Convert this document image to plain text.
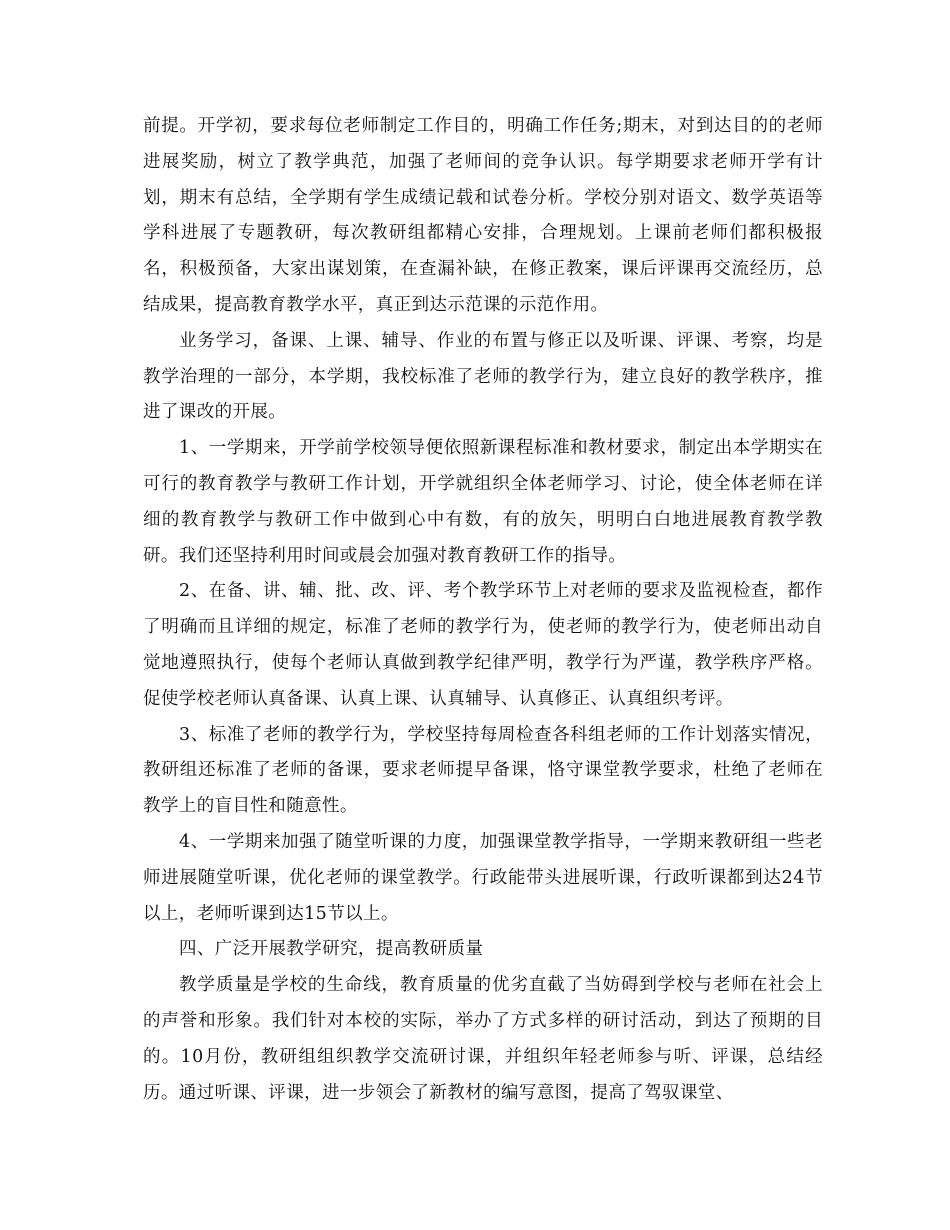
前提。开学初，要求每位老师制定工作目的，明确工作任务;期末，对到达目的的老师进展奖励，树立了教学典范，加强了老师间的竞争认识。每学期要求老师开学有计划，期末有总结，全学期有学生成绩记载和试卷分析。学校分别对语文、数学英语等学科进展了专题教研，每次教研组都精心安排，合理规划。上课前老师们都积极报名，积极预备，大家出谋划策，在查漏补缺，在修正教案，课后评课再交流经历，总结成果，提高教育教学水平，真正到达示范课的示范作用。

业务学习，备课、上课、辅导、作业的布置与修正以及听课、评课、考察，均是教学治理的一部分，本学期，我校标准了老师的教学行为，建立良好的教学秩序，推进了课改的开展。

1、一学期来，开学前学校领导便依照新课程标准和教材要求，制定出本学期实在可行的教育教学与教研工作计划，开学就组织全体老师学习、讨论，使全体老师在详细的教育教学与教研工作中做到心中有数，有的放矢，明明白白地进展教育教学教研。我们还坚持利用时间或晨会加强对教育教研工作的指导。

2、在备、讲、辅、批、改、评、考个教学环节上对老师的要求及监视检查，都作了明确而且详细的规定，标准了老师的教学行为，使老师的教学行为，使老师出动自觉地遵照执行，使每个老师认真做到教学纪律严明，教学行为严谨，教学秩序严格。促使学校老师认真备课、认真上课、认真辅导、认真修正、认真组织考评。

3、标准了老师的教学行为，学校坚持每周检查各科组老师的工作计划落实情况，教研组还标准了老师的备课，要求老师提早备课，恪守课堂教学要求，杜绝了老师在教学上的盲目性和随意性。

4、一学期来加强了随堂听课的力度，加强课堂教学指导，一学期来教研组一些老师进展随堂听课，优化老师的课堂教学。行政能带头进展听课，行政听课都到达24节以上，老师听课到达15节以上。

四、广泛开展教学研究，提高教研质量

教学质量是学校的生命线，教育质量的优劣直截了当妨碍到学校与老师在社会上的声誉和形象。我们针对本校的实际，举办了方式多样的研讨活动，到达了预期的目的。10月份，教研组组织教学交流研讨课，并组织年轻老师参与听、评课，总结经历。通过听课、评课，进一步领会了新教材的编写意图，提高了驾驭课堂、
